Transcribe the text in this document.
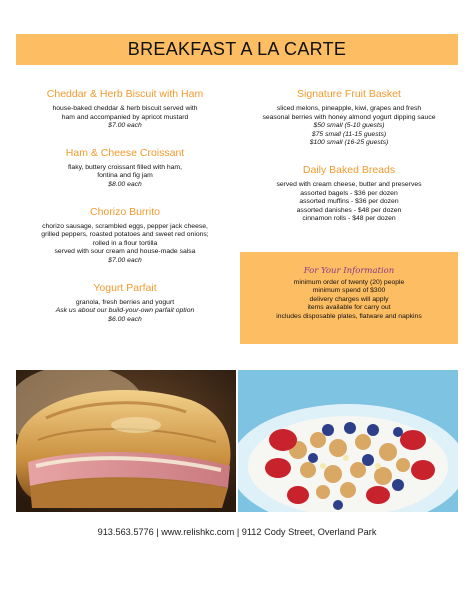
BREAKFAST A LA CARTE
Cheddar & Herb Biscuit with Ham
house-baked cheddar & herb biscuit served with
ham and accompanied by apricot mustard
$7.00 each
Ham & Cheese Croissant
flaky, buttery croissant filled with ham,
fontina and fig jam
$8.00 each
Chorizo Burrito
chorizo sausage, scrambled eggs, pepper jack cheese,
grilled peppers, roasted potatoes and sweet red onions;
rolled in a flour tortilla
served with sour cream and house-made salsa
$7.00 each
Yogurt Parfait
granola, fresh berries and yogurt
Ask us about our build-your-own parfait option
$6.00 each
Signature Fruit Basket
sliced melons, pineapple, kiwi, grapes and fresh
seasonal berries with honey almond yogurt dipping sauce
$50 small (5-10 guests)
$75 small (11-15 guests)
$100 small (16-25 guests)
Daily Baked Breads
served with cream cheese, butter and preserves
assorted bagels - $36 per dozen
assorted muffins - $36 per dozen
assorted danishes - $48 per dozen
cinnamon rolls - $48 per dozen
For Your Information
minimum order of twenty (20) people
minimum spend of $300
delivery charges will apply
items available for carry out
includes disposable plates, flatware and napkins
913.563.5776 | www.relishkc.com | 9112 Cody Street, Overland Park
